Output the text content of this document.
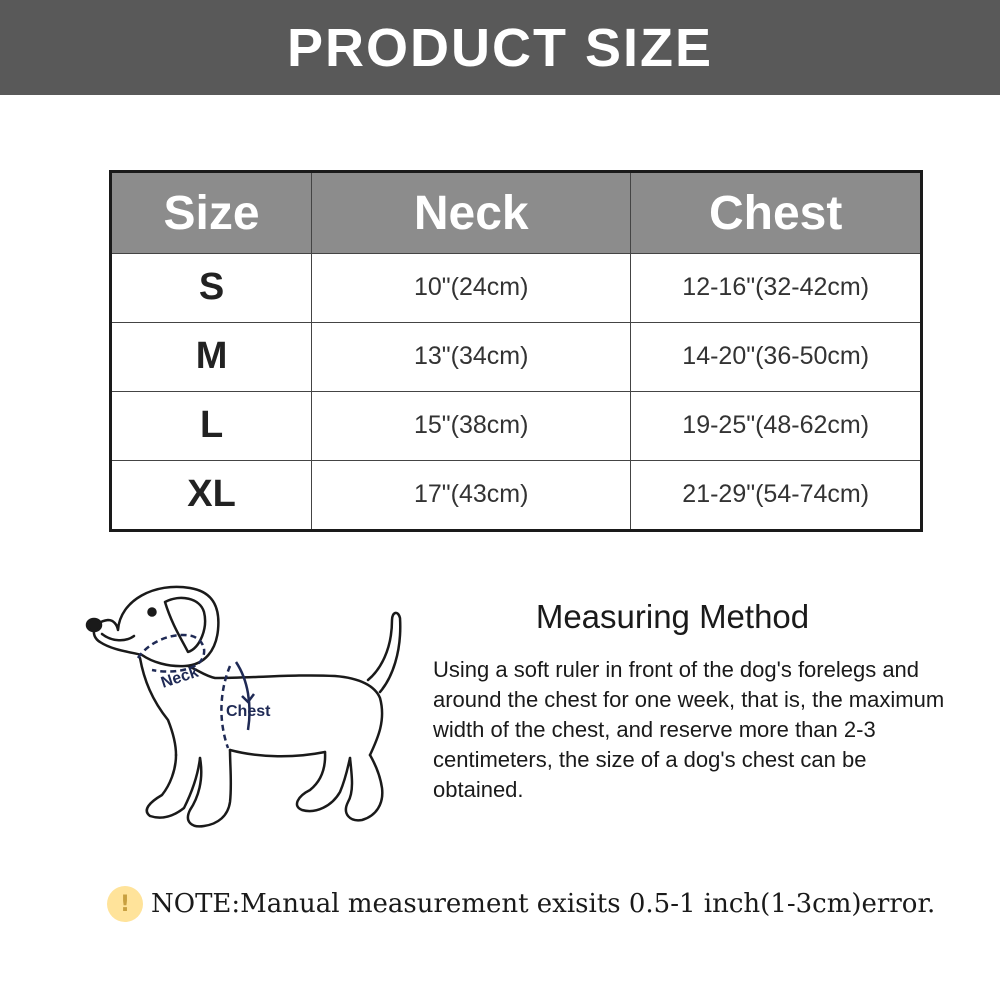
PRODUCT SIZE
Size	Neck	Chest
S	10"(24cm)	12-16"(32-42cm)
M	13"(34cm)	14-20"(36-50cm)
L	15"(38cm)	19-25"(48-62cm)
XL	17"(43cm)	21-29"(54-74cm)
Neck
Chest
Measuring Method
Using a soft ruler in front of the dog's forelegs and around the chest for one week, that is, the maximum width of the chest, and reserve more than 2-3 centimeters, the size of a dog's chest can be obtained.
! NOTE:Manual measurement exisits 0.5-1 inch(1-3cm)error.
